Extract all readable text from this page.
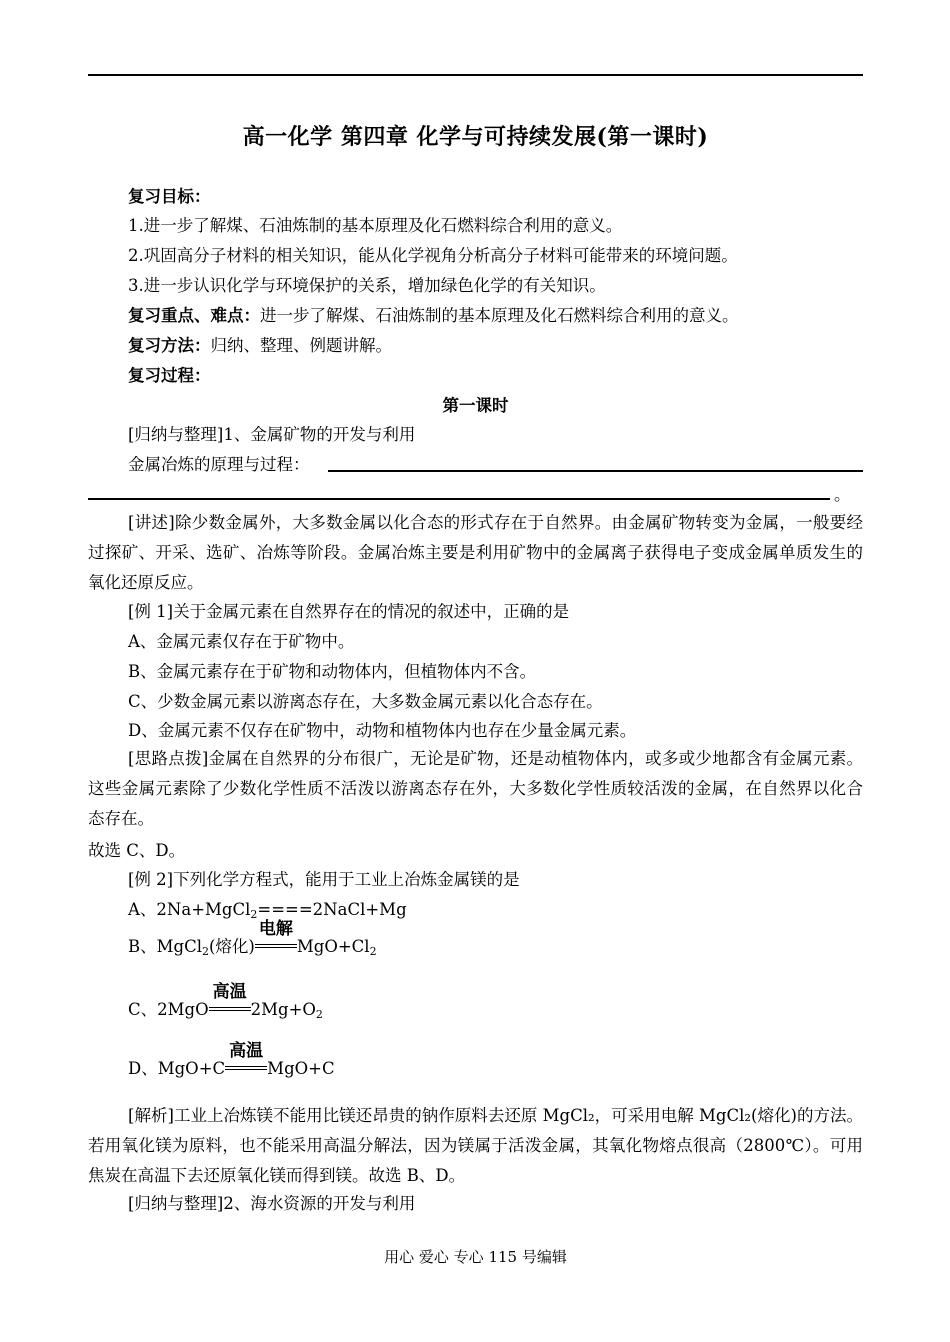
高一化学 第四章 化学与可持续发展(第一课时)
复习目标：
1.进一步了解煤、石油炼制的基本原理及化石燃料综合利用的意义。
2.巩固高分子材料的相关知识，能从化学视角分析高分子材料可能带来的环境问题。
3.进一步认识化学与环境保护的关系，增加绿色化学的有关知识。
复习重点、难点：进一步了解煤、石油炼制的基本原理及化石燃料综合利用的意义。
复习方法：归纳、整理、例题讲解。
复习过程：
第一课时
[归纳与整理]1、金属矿物的开发与利用
金属冶炼的原理与过程：
。
[讲述]除少数金属外，大多数金属以化合态的形式存在于自然界。由金属矿物转变为金属，一般要经过探矿、开采、选矿、冶炼等阶段。金属冶炼主要是利用矿物中的金属离子获得电子变成金属单质发生的氧化还原反应。
[例 1]关于金属元素在自然界存在的情况的叙述中，正确的是
A、金属元素仅存在于矿物中。
B、金属元素存在于矿物和动物体内，但植物体内不含。
C、少数金属元素以游离态存在，大多数金属元素以化合态存在。
D、金属元素不仅存在矿物中，动物和植物体内也存在少量金属元素。
[思路点拨]金属在自然界的分布很广，无论是矿物，还是动植物体内，或多或少地都含有金属元素。这些金属元素除了少数化学性质不活泼以游离态存在外，大多数化学性质较活泼的金属，在自然界以化合态存在。
故选 C、D。
[例 2]下列化学方程式，能用于工业上冶炼金属镁的是
A、2Na+MgCl$_2$====2NaCl+Mg
B、MgCl$_2$(熔化)
电解
$MgO+Cl_2$
C、2MgO
高温
$2Mg+O_2$
D、MgO+C
高温
MgO+C
[解析]工业上冶炼镁不能用比镁还昂贵的钠作原料去还原 MgCl₂，可采用电解 MgCl₂(熔化)的方法。若用氧化镁为原料，也不能采用高温分解法，因为镁属于活泼金属，其氧化物熔点很高（2800℃）。可用焦炭在高温下去还原氧化镁而得到镁。故选 B、D。
[归纳与整理]2、海水资源的开发与利用
用心 爱心 专心 115 号编辑
